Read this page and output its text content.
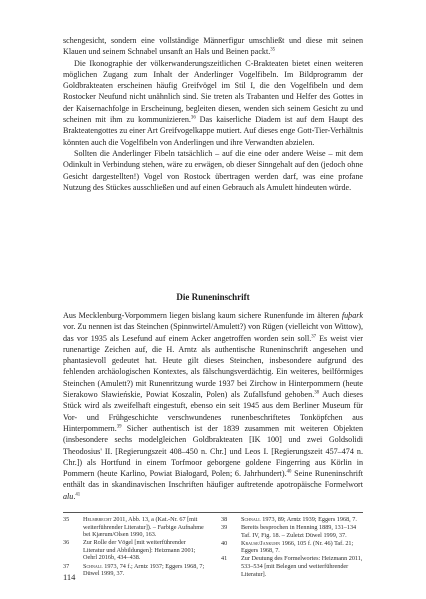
schengesicht, sondern eine vollständige Männerfigur umschließt und diese mit seinen Klauen und seinem Schnabel unsanft an Hals und Beinen packt.$^{35}$

Die Ikonographie der völkerwanderungszeitlichen C-Brakteaten bietet einen weiteren möglichen Zugang zum Inhalt der Anderlinger Vogelfibeln. Im Bildprogramm der Goldbrakteaten erscheinen häufig Greifvögel im Stil I, die den Vogelfibeln und dem Rostocker Neufund nicht unähnlich sind. Sie treten als Trabanten und Helfer des Gottes in der Kaisernachfolge in Erscheinung, begleiten diesen, wenden sich seinem Gesicht zu und scheinen mit ihm zu kommunizieren.$^{36}$ Das kaiserliche Diadem ist auf dem Haupt des Brakteatengottes zu einer Art Greifvogelkappe mutiert. Auf dieses enge Gott-Tier-Verhältnis könnten auch die Vogelfibeln von Anderlingen und ihre Verwandten abzielen.

Sollten die Anderlinger Fibeln tatsächlich – auf die eine oder andere Weise – mit dem Odinkult in Verbindung stehen, wäre zu erwägen, ob dieser Sinngehalt auf den (jedoch ohne Gesicht dargestellten!) Vogel von Rostock übertragen werden darf, was eine profane Nutzung des Stückes ausschließen und auf einen Gebrauch als Amulett hindeuten würde.

Die Runeninschrift

Aus Mecklenburg-Vorpommern liegen bislang kaum sichere Runenfunde im älteren fuþark vor. Zu nennen ist das Steinchen (Spinnwirtel/Amulett?) von Rügen (vielleicht von Wittow), das vor 1935 als Lesefund auf einem Acker angetroffen worden sein soll.$^{37}$ Es weist vier runenartige Zeichen auf, die H. Arntz als authentische Runeninschrift angesehen und phantasievoll gedeutet hat. Heute gilt dieses Steinchen, insbesondere aufgrund des fehlenden archäologischen Kontextes, als fälschungsverdächtig. Ein weiteres, beilförmiges Steinchen (Amulett?) mit Runenritzung wurde 1937 bei Zirchow in Hinterpommern (heute Sierakowo Sławieńskie, Powiat Koszalin, Polen) als Zufallsfund gehoben.$^{38}$ Auch dieses Stück wird als zweifelhaft eingestuft, ebenso ein seit 1945 aus dem Berliner Museum für Vor- und Frühgeschichte verschwundenes runenbeschriftetes Tonköpfchen aus Hinterpommern.$^{39}$ Sicher authentisch ist der 1839 zusammen mit weiteren Objekten (insbesondere sechs modelgleichen Goldbrakteaten [IK 100] und zwei Goldsolidi Theodosius' II. [Regierungszeit 408–450 n. Chr.] und Leos I. [Regierungszeit 457–474 n. Chr.]) als Hortfund in einem Torfmoor geborgene goldene Fingerring aus Körlin in Pommern (heute Karlino, Powiat Białogard, Polen; 6. Jahrhundert).$^{40}$ Seine Runeninschrift enthält das in skandinavischen Inschriften häufiger auftretende apotropäische Formelwort alu.$^{41}$

35 Helmbrecht 2011, Abb. 13, a (Kat.-Nr. 67 [mit weiterführender Literatur]). – Farbige Aufnahme bei Kjærum/Olsen 1990, 163.
36 Zur Rolle der Vögel [mit weiterführender Literatur und Abbildungen]: Heizmann 2001; Oehrl 2016b, 434–438.
37 Schnall 1973, 74 f.; Arntz 1937; Eggers 1968, 7; Düwel 1999, 37.
38 Schnall 1973, 89; Arntz 1939; Eggers 1968, 7.
39 Bereits besprochen in Henning 1889, 131–134 Taf. IV, Fig. 18. – Zuletzt Düwel 1999, 37.
40 Krause/Jankuhn 1966, 105 f. (Nr. 46) Taf. 21; Eggers 1968, 7.
41 Zur Deutung des Formelwortes: Heizmann 2011, 533–534 [mit Belegen und weiterführender Literatur].
114
